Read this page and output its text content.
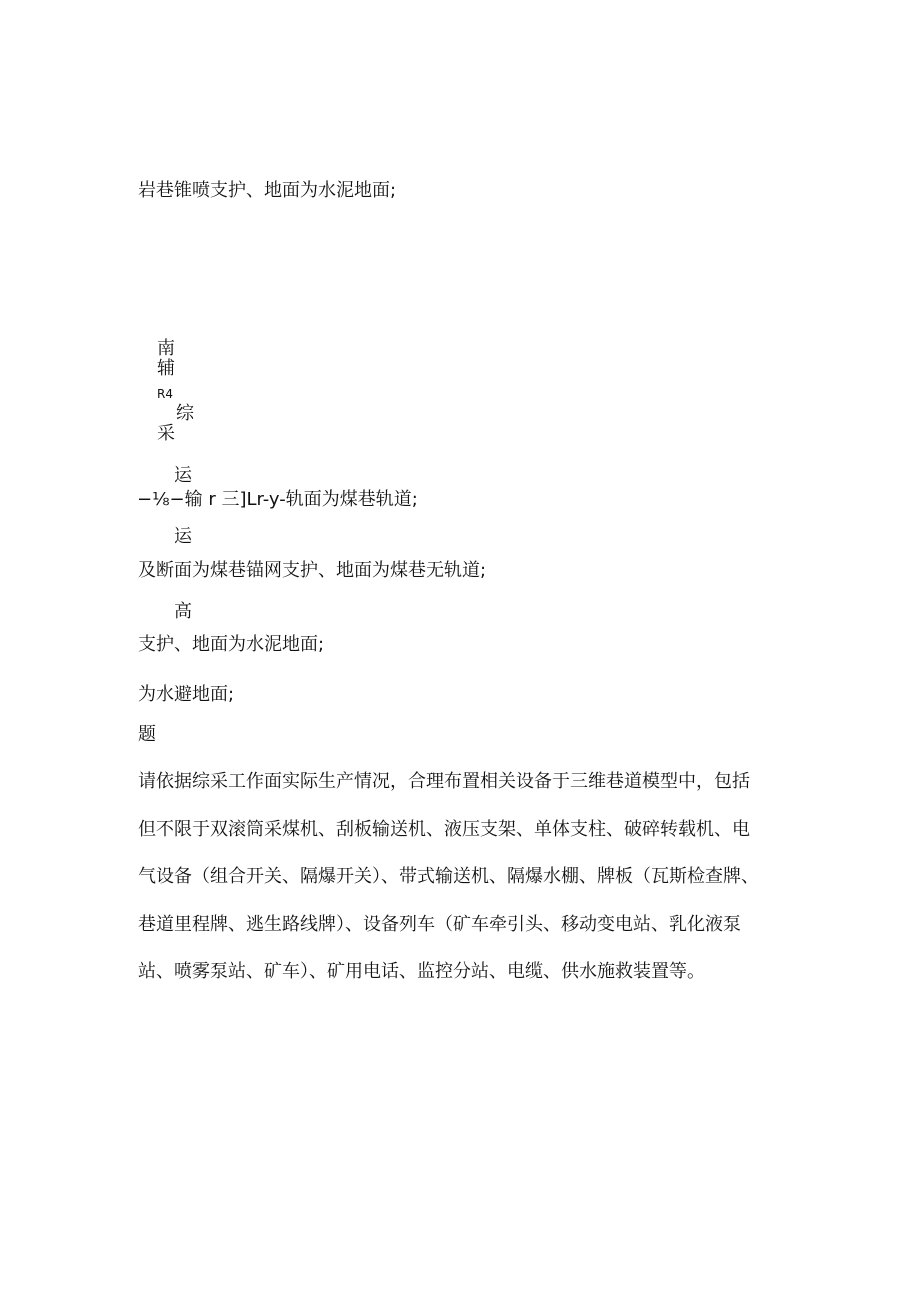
岩巷锥喷支护、地面为水泥地面;

南

辅

R4

综

采

运

−⅛−输 r 三]Lr-y-轨面为煤巷轨道;

运

及断面为煤巷锚网支护、地面为煤巷无轨道;

高

支护、地面为水泥地面;

为水避地面;

题

请依据综采工作面实际生产情况，合理布置相关设备于三维巷道模型中，包括
但不限于双滚筒采煤机、刮板输送机、液压支架、单体支柱、破碎转载机、电
气设备（组合开关、隔爆开关）、带式输送机、隔爆水棚、牌板（瓦斯检查牌、
巷道里程牌、逃生路线牌）、设备列车（矿车牵引头、移动变电站、乳化液泵
站、喷雾泵站、矿车）、矿用电话、监控分站、电缆、供水施救装置等。
